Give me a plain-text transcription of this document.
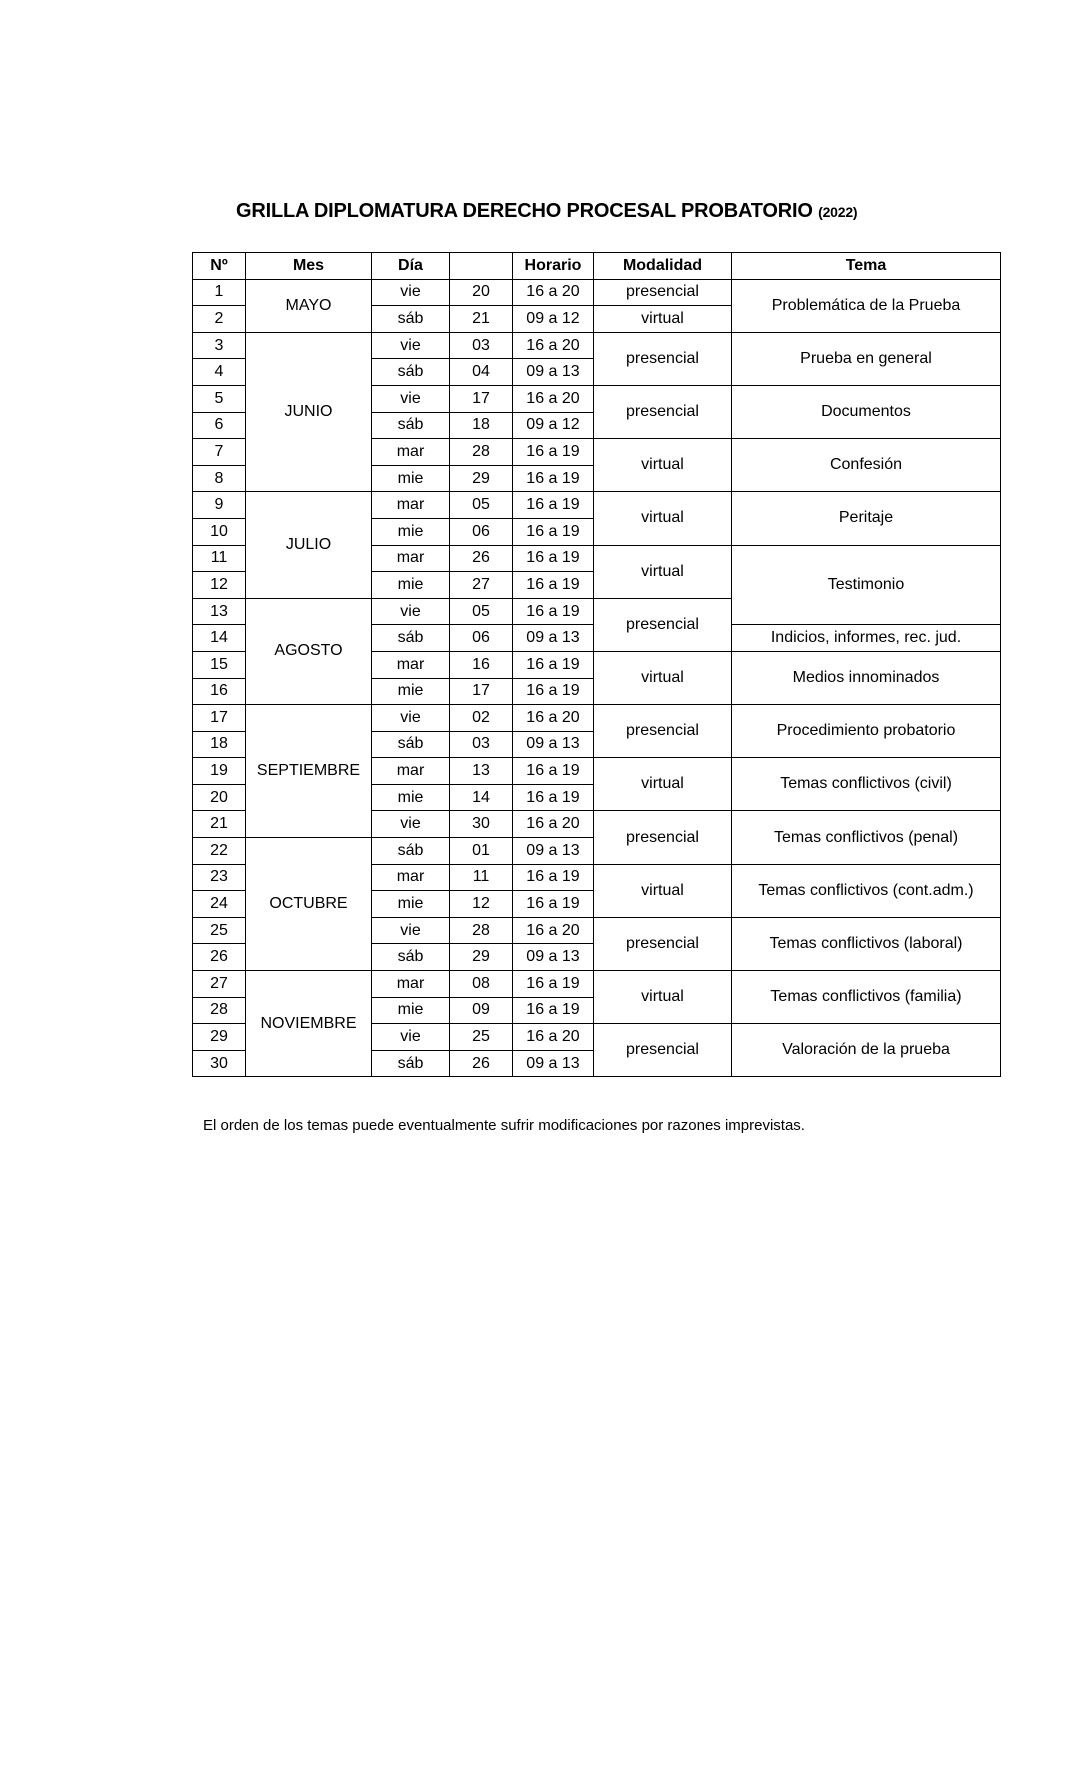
GRILLA DIPLOMATURA DERECHO PROCESAL PROBATORIO (2022)
Nº	Mes	Día		Horario	Modalidad	Tema
1	MAYO	vie	20	16 a 20	presencial	Problemática de la Prueba
2		sáb	21	09 a 12	virtual	
3	JUNIO	vie	03	16 a 20	presencial	Prueba en general
4		sáb	04	09 a 13		
5		vie	17	16 a 20	presencial	Documentos
6		sáb	18	09 a 12		
7		mar	28	16 a 19	virtual	Confesión
8		mie	29	16 a 19		
9	JULIO	mar	05	16 a 19	virtual	Peritaje
10		mie	06	16 a 19		
11		mar	26	16 a 19	virtual	Testimonio
12		mie	27	16 a 19		
13	AGOSTO	vie	05	16 a 19	presencial	
14		sáb	06	09 a 13		Indicios, informes, rec. jud.
15		mar	16	16 a 19	virtual	Medios innominados
16		mie	17	16 a 19		
17	SEPTIEMBRE	vie	02	16 a 20	presencial	Procedimiento probatorio
18		sáb	03	09 a 13		
19		mar	13	16 a 19	virtual	Temas conflictivos (civil)
20		mie	14	16 a 19		
21		vie	30	16 a 20	presencial	Temas conflictivos (penal)
22	OCTUBRE	sáb	01	09 a 13		
23		mar	11	16 a 19	virtual	Temas conflictivos (cont.adm.)
24		mie	12	16 a 19		
25		vie	28	16 a 20	presencial	Temas conflictivos (laboral)
26		sáb	29	09 a 13		
27	NOVIEMBRE	mar	08	16 a 19	virtual	Temas conflictivos (familia)
28		mie	09	16 a 19		
29		vie	25	16 a 20	presencial	Valoración de la prueba
30		sáb	26	09 a 13		
El orden de los temas puede eventualmente sufrir modificaciones por razones imprevistas.
